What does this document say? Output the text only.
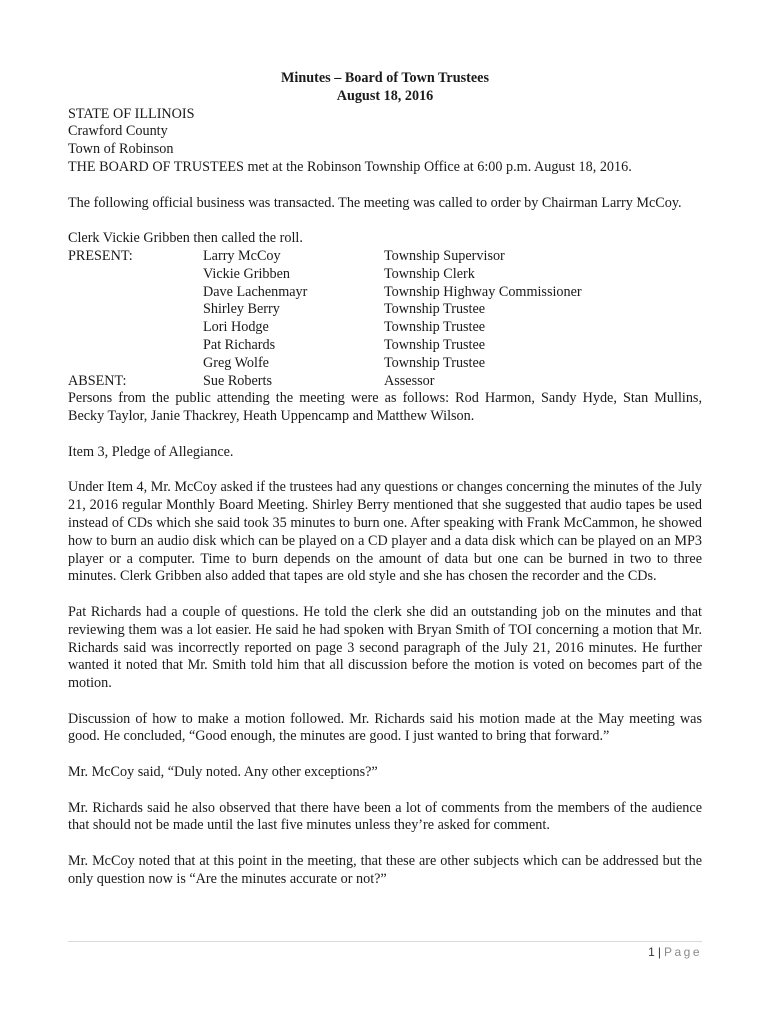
Minutes – Board of Town Trustees
August 18, 2016
STATE OF ILLINOIS
Crawford County
Town of Robinson

THE BOARD OF TRUSTEES met at the Robinson Township Office at 6:00 p.m. August 18, 2016.

The following official business was transacted. The meeting was called to order by Chairman Larry McCoy.

Clerk Vickie Gribben then called the roll.
PRESENT:	Larry McCoy	Township Supervisor
	Vickie Gribben	Township Clerk
	Dave Lachenmayr	Township Highway Commissioner
	Shirley Berry	Township Trustee
	Lori Hodge	Township Trustee
	Pat Richards	Township Trustee
	Greg Wolfe	Township Trustee
ABSENT:	Sue Roberts	Assessor

Persons from the public attending the meeting were as follows: Rod Harmon, Sandy Hyde, Stan Mullins, Becky Taylor, Janie Thackrey, Heath Uppencamp and Matthew Wilson.

Item 3, Pledge of Allegiance.

Under Item 4, Mr. McCoy asked if the trustees had any questions or changes concerning the minutes of the July 21, 2016 regular Monthly Board Meeting. Shirley Berry mentioned that she suggested that audio tapes be used instead of CDs which she said took 35 minutes to burn one. After speaking with Frank McCammon, he showed how to burn an audio disk which can be played on a CD player and a data disk which can be played on an MP3 player or a computer. Time to burn depends on the amount of data but one can be burned in two to three minutes. Clerk Gribben also added that tapes are old style and she has chosen the recorder and the CDs.

Pat Richards had a couple of questions. He told the clerk she did an outstanding job on the minutes and that reviewing them was a lot easier. He said he had spoken with Bryan Smith of TOI concerning a motion that Mr. Richards said was incorrectly reported on page 3 second paragraph of the July 21, 2016 minutes. He further wanted it noted that Mr. Smith told him that all discussion before the motion is voted on becomes part of the motion.

Discussion of how to make a motion followed. Mr. Richards said his motion made at the May meeting was good. He concluded, “Good enough, the minutes are good. I just wanted to bring that forward.”

Mr. McCoy said, “Duly noted. Any other exceptions?”

Mr. Richards said he also observed that there have been a lot of comments from the members of the audience that should not be made until the last five minutes unless they’re asked for comment.

Mr. McCoy noted that at this point in the meeting, that these are other subjects which can be addressed but the only question now is “Are the minutes accurate or not?”

1 | Page
